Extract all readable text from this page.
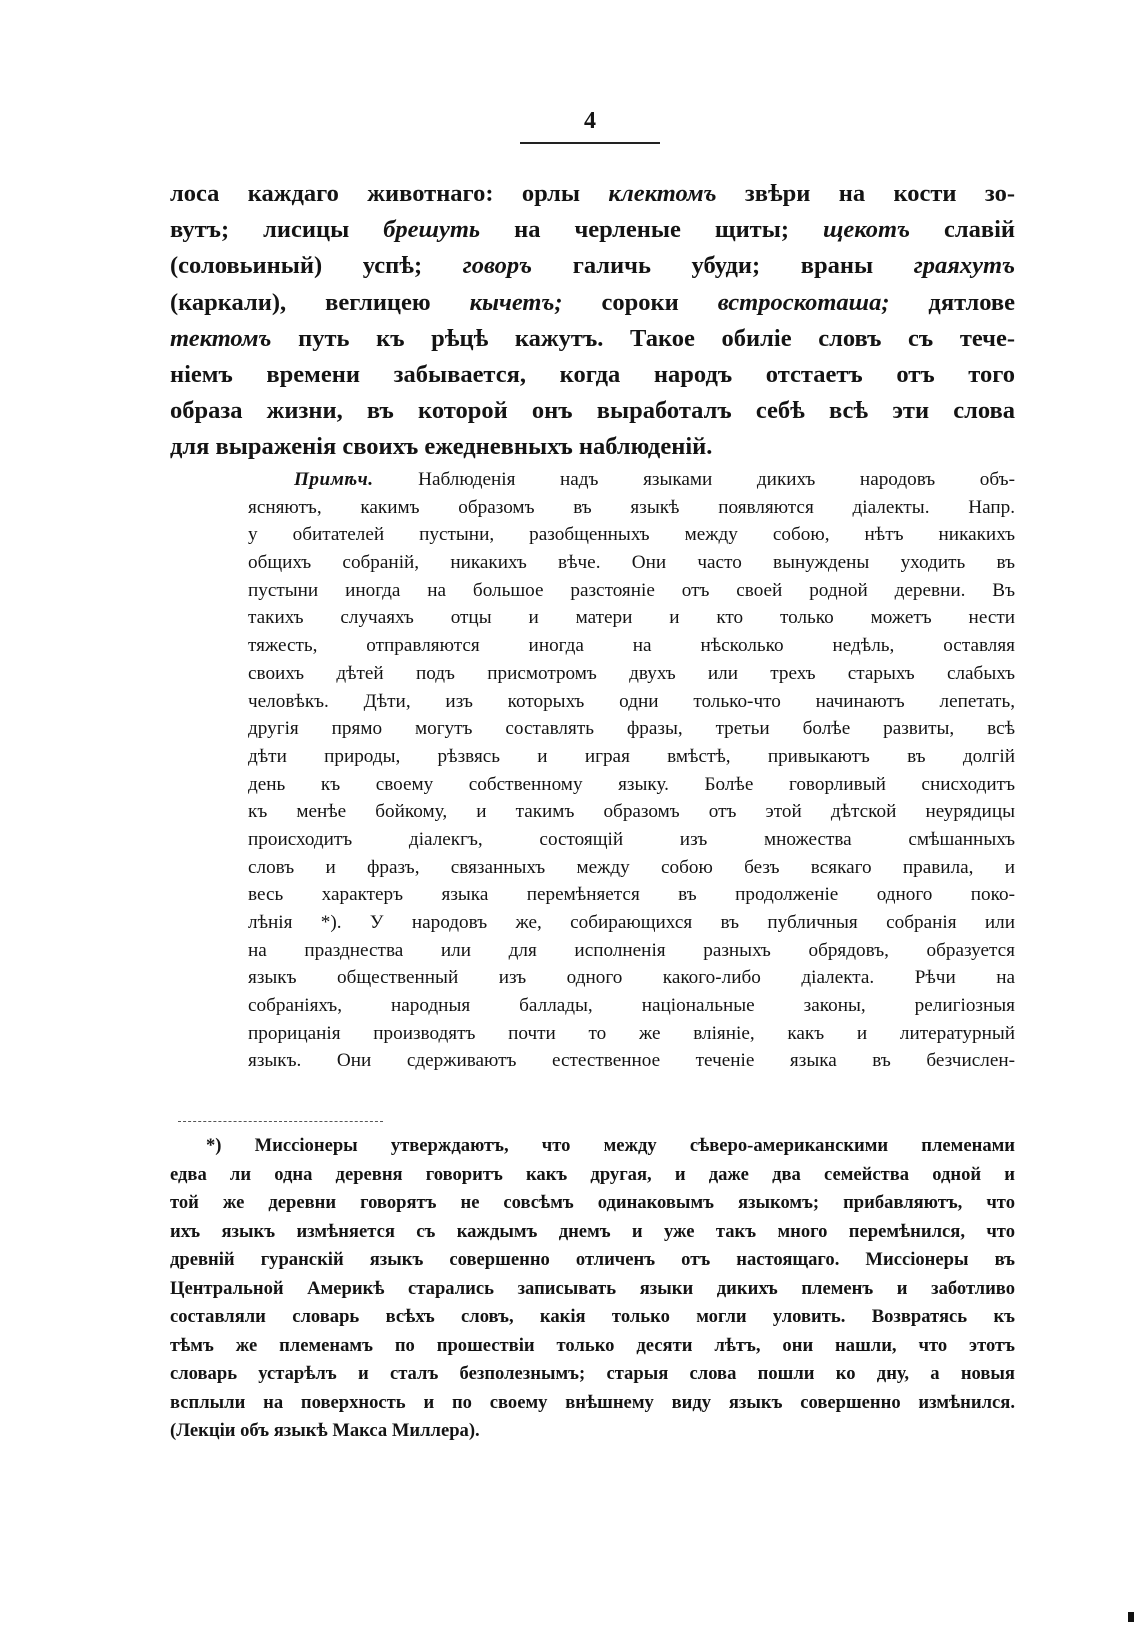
4
лоса каждаго животнаго: орлы клектомъ звѣри на кости зо-
вутъ; лисицы брешуть на черленые щиты; щекотъ славій
(соловьиный) успѣ; говоръ галичь убуди; враны граяхутъ
(каркали), веглицею кычетъ; сороки встроскоташа; дятлове
тектомъ путь къ рѣцѣ кажутъ. Такое обиліе словъ съ тече-
ніемъ времени забывается, когда народъ отстаетъ отъ того
образа жизни, въ которой онъ выработалъ себѣ всѣ эти слова
для выраженія своихъ ежедневныхъ наблюденій.
Примѣч. Наблюденія надъ языками дикихъ народовъ объ-
ясняютъ, какимъ образомъ въ языкѣ появляются діалекты. Напр.
у обитателей пустыни, разобщенныхъ между собою, нѣтъ никакихъ
общихъ собраній, никакихъ вѣче. Они часто вынуждены уходить въ
пустыни иногда на большое разстояніе отъ своей родной деревни. Въ
такихъ случаяхъ отцы и матери и кто только можетъ нести
тяжесть, отправляются иногда на нѣсколько недѣль, оставляя
своихъ дѣтей подъ присмотромъ двухъ или трехъ старыхъ слабыхъ
человѣкъ. Дѣти, изъ которыхъ одни только-что начинаютъ лепетать,
другія прямо могутъ составлять фразы, третьи болѣе развиты, всѣ
дѣти природы, рѣзвясь и играя вмѣстѣ, привыкаютъ въ долгій
день къ своему собственному языку. Болѣе говорливый снисходитъ
къ менѣе бойкому, и такимъ образомъ отъ этой дѣтской неурядицы
происходитъ діалекгъ, состоящій изъ множества смѣшанныхъ
словъ и фразъ, связанныхъ между собою безъ всякаго правила, и
весь характеръ языка перемѣняется въ продолженіе одного поко-
лѣнія *). У народовъ же, собирающихся въ публичныя собранія или
на празднества или для исполненія разныхъ обрядовъ, образуется
языкъ общественный изъ одного какого-либо діалекта. Рѣчи на
собраніяхъ, народныя баллады, національные законы, религіозныя
прорицанія производятъ почти то же вліяніе, какъ и литературный
языкъ. Они сдерживаютъ естественное теченіе языка въ безчислен-
*) Миссіонеры утверждаютъ, что между сѣверо-американскими племенами
едва ли одна деревня говоритъ какъ другая, и даже два семейства одной и
той же деревни говорятъ не совсѣмъ одинаковымъ языкомъ; прибавляютъ, что
ихъ языкъ измѣняется съ каждымъ днемъ и уже такъ много перемѣнился, что
древній гуранскій языкъ совершенно отличенъ отъ настоящаго. Миссіонеры въ
Центральной Америкѣ старались записывать языки дикихъ племенъ и заботливо
составляли словарь всѣхъ словъ, какія только могли уловить. Возвратясь къ
тѣмъ же племенамъ по прошествіи только десяти лѣтъ, они нашли, что этотъ
словарь устарѣлъ и сталъ безполезнымъ; старыя слова пошли ко дну, а новыя
всплыли на поверхность и по своему внѣшнему виду языкъ совершенно измѣнился.
(Лекціи объ языкѣ Макса Миллера).
